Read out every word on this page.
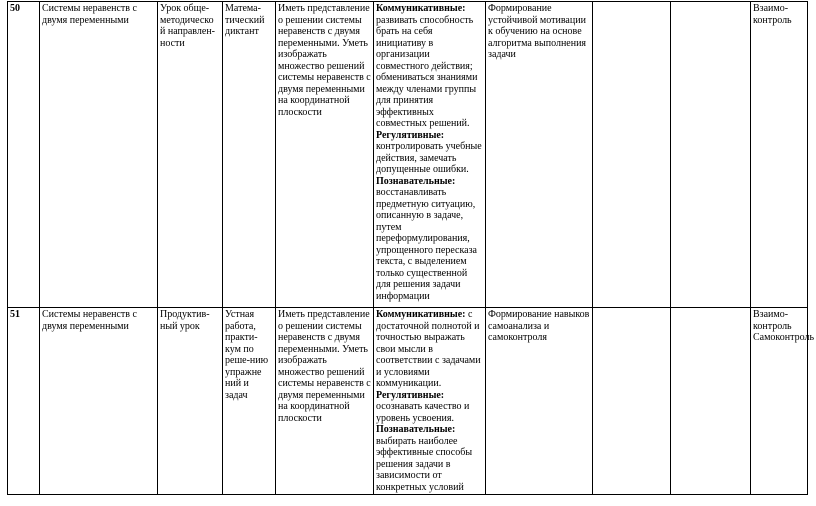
50	Системы неравенств с двумя переменными	Урок обще-методическо й направлен-ности	Матема-тический диктант	Иметь представление о решении системы неравенств с двумя переменными. Уметь изображать множество решений системы неравенств с двумя переменными на координатной плоскости	Коммуникативные: развивать способность брать на себя инициативу в организации совместного действия; обмениваться знаниями между членами группы для принятия эффективных совместных решений.
Регулятивные: контролировать учебные действия, замечать допущенные ошибки.
Познавательные: восстанавливать предметную ситуацию, описанную в задаче, путем переформулирования, упрощенного пересказа текста, с выделением только существенной для решения задачи информации	Формирование устойчивой мотивации к обучению на основе алгоритма выполнения задачи			Взаимо-контроль
51	Системы неравенств с двумя переменными	Продуктив-ный урок	Устная работа, практи-кум по реше-нию упражне ний и задач	Иметь представление о решении системы неравенств с двумя переменными. Уметь изображать множество решений системы неравенств с двумя переменными на координатной плоскости	Коммуникативные: с достаточной полнотой и точностью выражать свои мысли в соответствии с задачами и условиями коммуникации.
Регулятивные: осознавать качество и уровень усвоения.
Познавательные: выбирать наиболее эффективные способы решения задачи в зависимости от конкретных условий	Формирование навыков самоанализа и самоконтроля			Взаимо-контроль Самоконтроль
